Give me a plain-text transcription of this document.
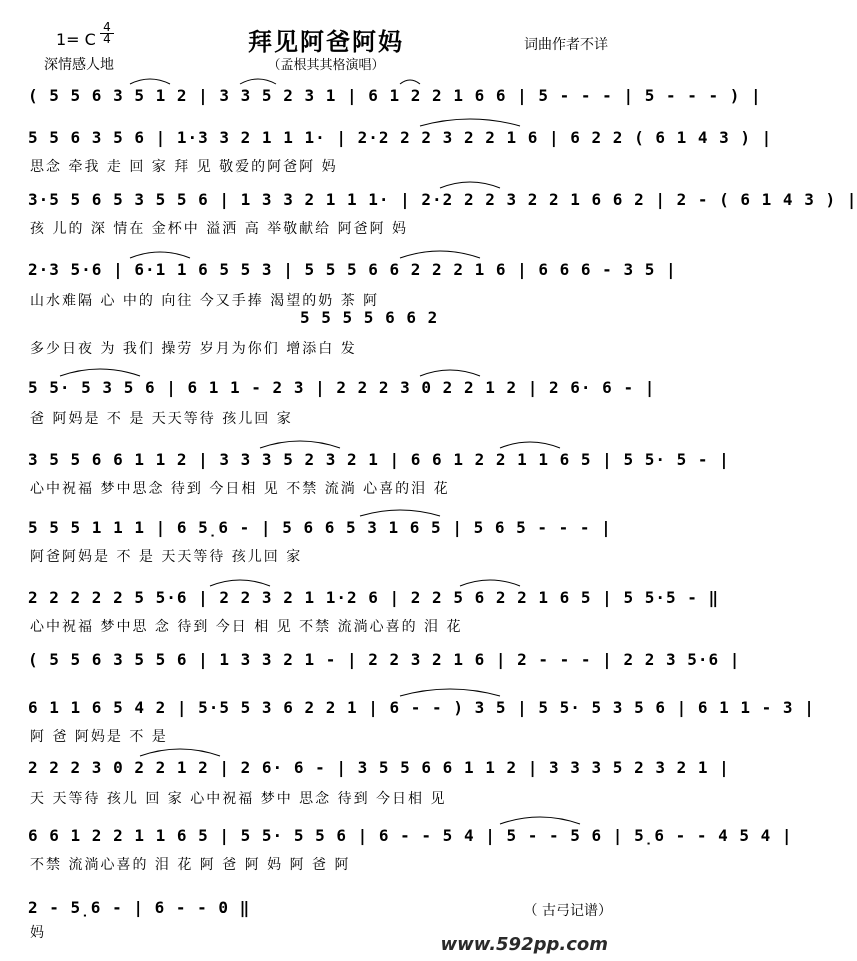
1= C $\frac{4}{4}$	拜见阿爸阿妈	词曲作者不详
深情感人地	（孟根其其格演唱）
( 5 5 6 3 5 1 2 | 3 3 5 2 3 1 | 6 1 2 2 1 6 6 | 5 - - - | 5 - - - ) |
5 5 6 3 5 6 | 1·3 3 2 1 1 1· | 2·2 2 2 3 2 2 1 6 | 6 2 2 ( 6 1 4 3 ) |
思念 牵我 走 回 家 拜 见 敬爱的阿爸阿 妈
3·5 5 6 5 3 5 5 6 | 1 3 3 2 1 1 1· | 2·2 2 2 3 2 2 1 6 6 2 | 2 - ( 6 1 4 3 ) |
孩 儿的 深 情在 金杯中 溢洒 高 举敬献给 阿爸阿 妈
2·3 5·6 | 6·1 1 6 5 5 3 | 5 5 5 6 6 2 2 2 1 6 | 6 6 6 - 3 5 |
山水难隔 心 中的 向往 今又手捧 渴望的奶 茶 阿
5 5 5 5 6 6 2
多少日夜 为 我们 操劳 岁月为你们 增添白 发
5 5· 5 3 5 6 | 6 1 1 - 2 3 | 2 2 2 3 0 2 2 1 2 | 2 6· 6 - |
爸 阿妈是 不 是 天天等待 孩儿回 家
3 5 5 6 6 1 1 2 | 3 3 3 5 2 3 2 1 | 6 6 1 2 2 1 1 6 5 | 5 5· 5 - |
心中祝福 梦中思念 待到 今日相 见 不禁 流淌 心喜的泪 花
5 5 5 1 1 1 | 6 5̣6 - | 5 6 6 5 3 1 6 5 | 5 6 5 - - - |
阿爸阿妈是 不 是 天天等待 孩儿回 家
2 2 2 2 2 5 5·6 | 2 2 3 2 1 1·2 6 | 2 2 5 6 2 2 1 6 5 | 5 5·5 - ‖
心中祝福 梦中思 念 待到 今日 相 见 不禁 流淌心喜的 泪 花
( 5 5 6 3 5 5 6 | 1 3 3 2 1 - | 2 2 3 2 1 6 | 2 - - - | 2 2 3 5·6 |
6 1 1 6 5 4 2 | 5·5 5 3 6 2 2 1 | 6 - - ) 3 5 | 5 5· 5 3 5 6 | 6 1 1 - 3 |
阿 爸 阿妈是 不 是
2 2 2 3 0 2 2 1 2 | 2 6· 6 - | 3 5 5 6 6 1 1 2 | 3 3 3 5 2 3 2 1 |
天 天等待 孩儿 回 家 心中祝福 梦中 思念 待到 今日相 见
6 6 1 2 2 1 1 6 5 | 5 5· 5 5 6 | 6 - - 5 4 | 5 - - 5 6 | 5̣6 - - 4 5 4 |
不禁 流淌心喜的 泪 花 阿 爸 阿 妈 阿 爸 阿
2 - 5̣6 - | 6 - - 0 ‖
妈
（ 古弓记谱）
www.592pp.com
